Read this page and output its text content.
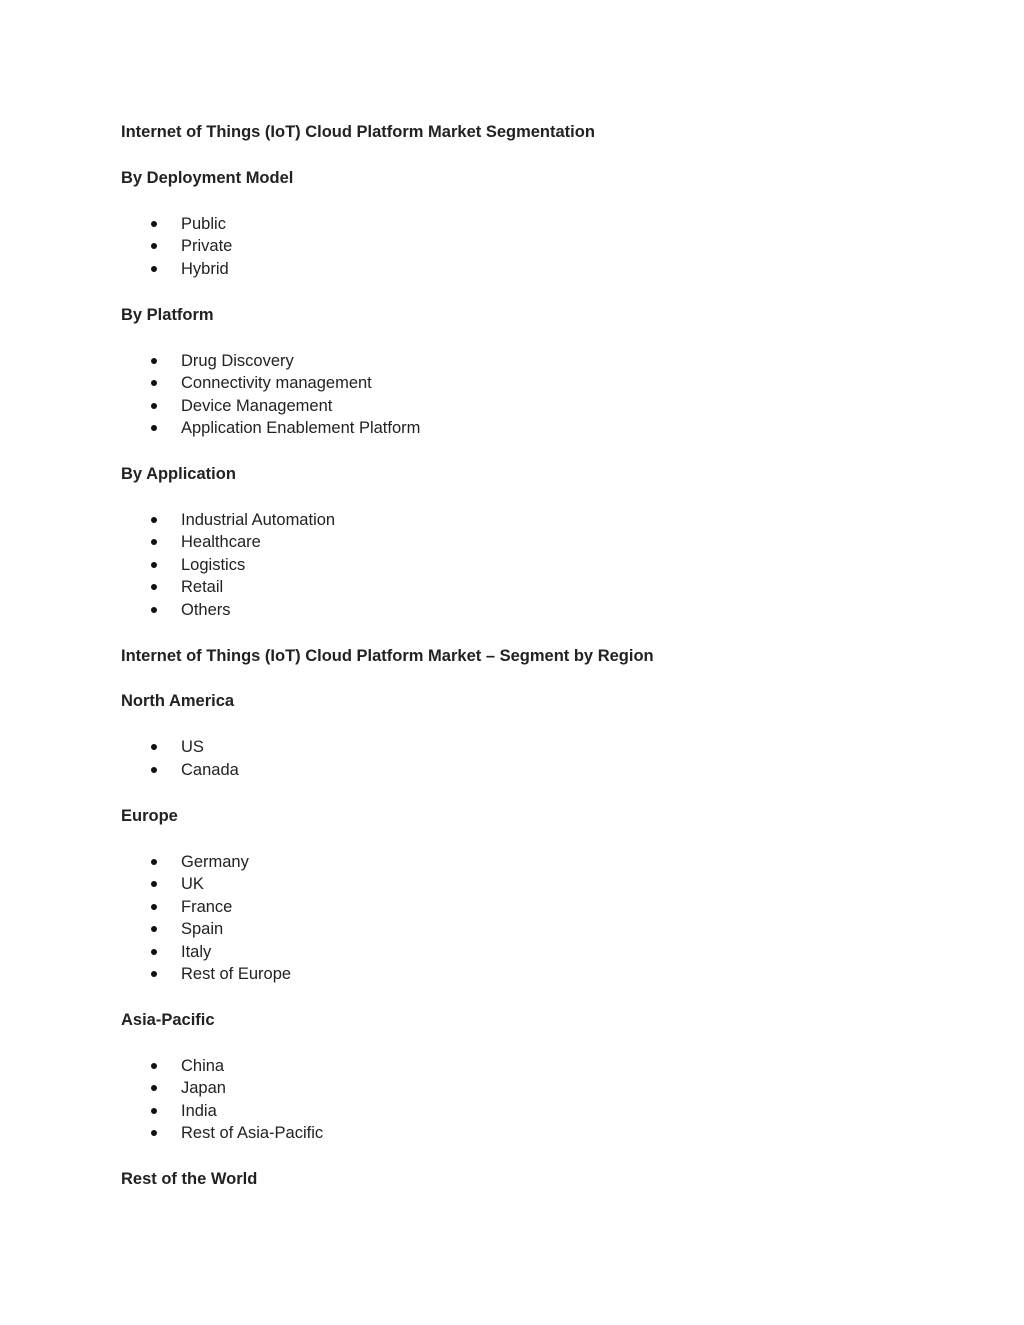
Internet of Things (IoT) Cloud Platform Market Segmentation
By Deployment Model
Public
Private
Hybrid
By Platform
Drug Discovery
Connectivity management
Device Management
Application Enablement Platform
By Application
Industrial Automation
Healthcare
Logistics
Retail
Others
Internet of Things (IoT) Cloud Platform Market – Segment by Region
North America
US
Canada
Europe
Germany
UK
France
Spain
Italy
Rest of Europe
Asia-Pacific
China
Japan
India
Rest of Asia-Pacific
Rest of the World
